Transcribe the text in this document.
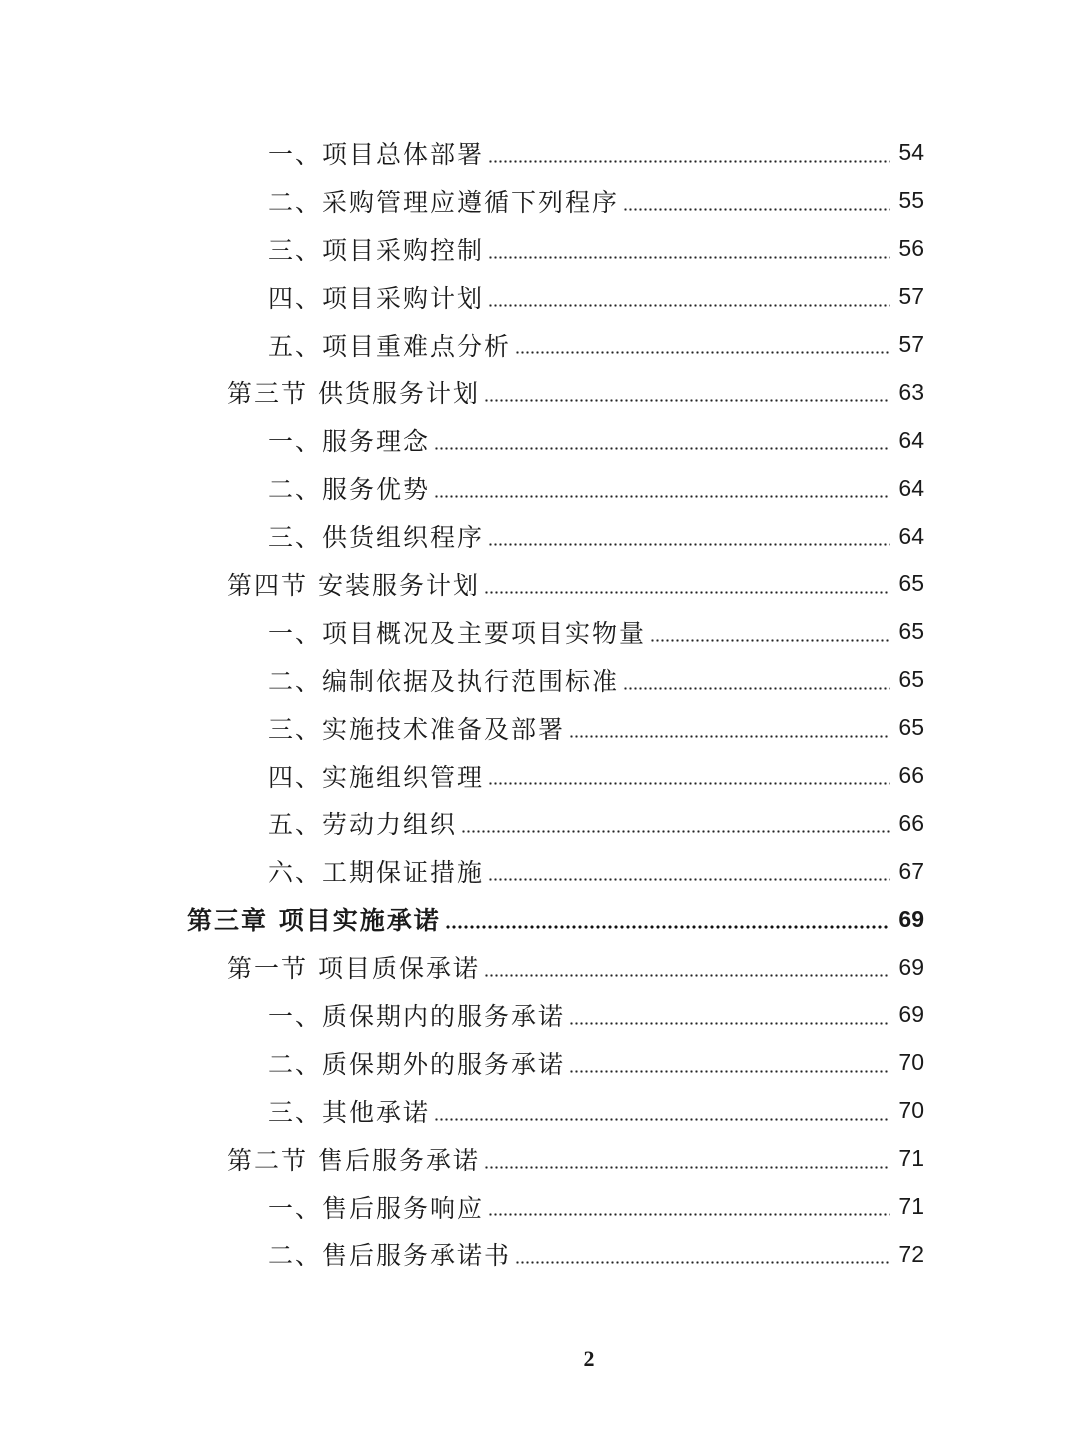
一、项目总体部署	54
二、采购管理应遵循下列程序	55
三、项目采购控制	56
四、项目采购计划	57
五、项目重难点分析	57
第三节 供货服务计划	63
一、服务理念	64
二、服务优势	64
三、供货组织程序	64
第四节 安装服务计划	65
一、项目概况及主要项目实物量	65
二、编制依据及执行范围标准	65
三、实施技术准备及部署	65
四、实施组织管理	66
五、劳动力组织	66
六、工期保证措施	67
第三章 项目实施承诺	69
第一节 项目质保承诺	69
一、质保期内的服务承诺	69
二、质保期外的服务承诺	70
三、其他承诺	70
第二节 售后服务承诺	71
一、售后服务响应	71
二、售后服务承诺书	72
2
